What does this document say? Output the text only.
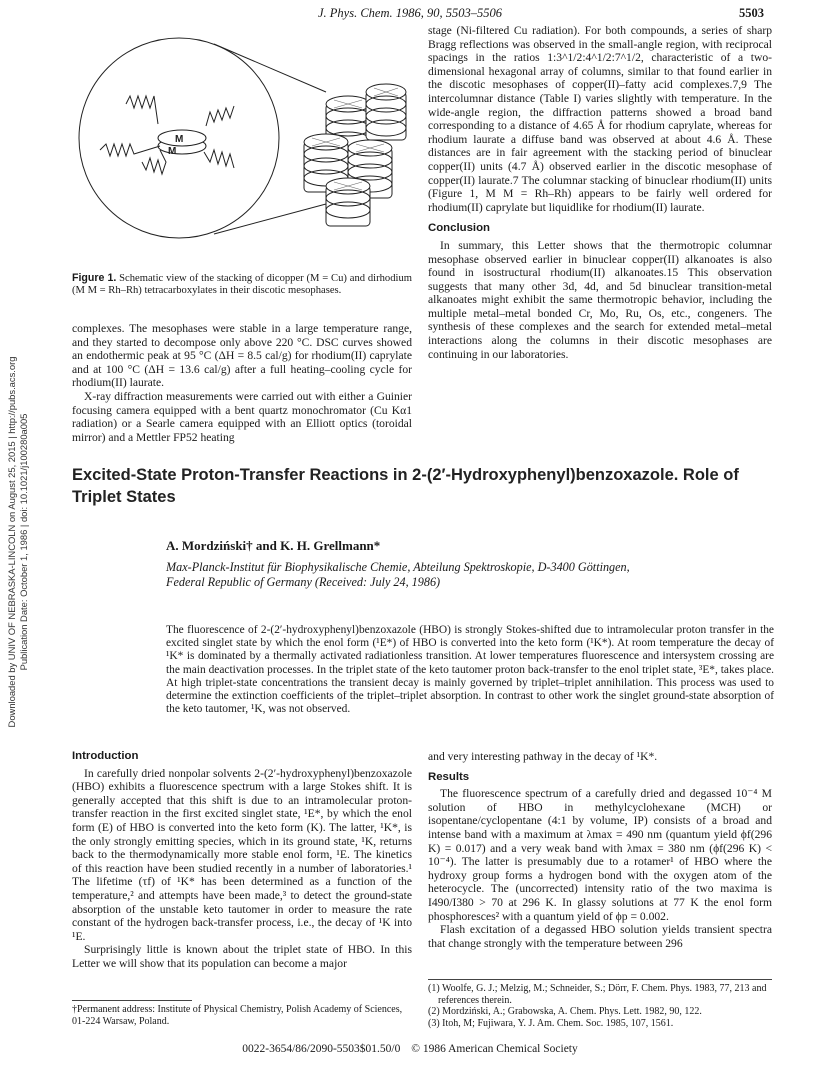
J. Phys. Chem. 1986, 90, 5503–5506	5503
Downloaded by UNIV OF NEBRASKA-LINCOLN on August 25, 2015 | http://pubs.acs.org Publication Date: October 1, 1986 | doi: 10.1021/j100280a005
M
M
Figure 1. Schematic view of the stacking of dicopper (M = Cu) and dirhodium (M M = Rh–Rh) tetracarboxylates in their discotic mesophases.

complexes. The mesophases were stable in a large temperature range, and they started to decompose only above 220 °C. DSC curves showed an endothermic peak at 95 °C (ΔH = 8.5 cal/g) for rhodium(II) caprylate and at 100 °C (ΔH = 13.6 cal/g) after a full heating–cooling cycle for rhodium(II) laurate.

X-ray diffraction measurements were carried out with either a Guinier focusing camera equipped with a bent quartz monochromator (Cu Kα1 radiation) or a Searle camera equipped with an Elliott optics (toroidal mirror) and a Mettler FP52 heating

stage (Ni-filtered Cu radiation). For both compounds, a series of sharp Bragg reflections was observed in the small-angle region, with reciprocal spacings in the ratios 1:3^1/2:4^1/2:7^1/2, characteristic of a two-dimensional hexagonal array of columns, similar to that found earlier in the discotic mesophases of copper(II)–fatty acid complexes.7,9 The intercolumnar distance (Table I) varies slightly with temperature. In the wide-angle region, the diffraction patterns showed a broad band corresponding to a distance of 4.65 Å for rhodium caprylate, whereas for rhodium laurate a diffuse band was observed at about 4.6 Å. These distances are in fair agreement with the stacking period of binuclear copper(II) units (4.7 Å) observed earlier in the discotic mesophase of copper(II) laurate.7 The columnar stacking of binuclear rhodium(II) units (Figure 1, M M = Rh–Rh) appears to be fairly well ordered for rhodium(II) caprylate but liquidlike for rhodium(II) laurate.

Conclusion

In summary, this Letter shows that the thermotropic columnar mesophase observed earlier in binuclear copper(II) alkanoates is also found in isostructural rhodium(II) alkanoates.15 This observation suggests that many other 3d, 4d, and 5d binuclear transition-metal alkanoates might exhibit the same thermotropic behavior, including the multiple metal–metal bonded Cr, Mo, Ru, Os, etc., congeners. The synthesis of these complexes and the search for extended metal–metal interactions along the columns in their discotic mesophases are continuing in our laboratories.

Excited-State Proton-Transfer Reactions in 2-(2′-Hydroxyphenyl)benzoxazole. Role of
Triplet States
A. Mordziński† and K. H. Grellmann*
Max-Planck-Institut für Biophysikalische Chemie, Abteilung Spektroskopie, D-3400 Göttingen,
Federal Republic of Germany (Received: July 24, 1986)
The fluorescence of 2-(2′-hydroxyphenyl)benzoxazole (HBO) is strongly Stokes-shifted due to intramolecular proton transfer in the excited singlet state by which the enol form (¹E*) of HBO is converted into the keto form (¹K*). At room temperature the decay of ¹K* is dominated by a thermally activated radiationless transition. At lower temperatures fluorescence and intersystem crossing are the main deactivation processes. In the triplet state of the keto tautomer proton back-transfer to the enol triplet state, ³E*, takes place. At high triplet-state concentrations the transient decay is mainly governed by triplet–triplet annihilation. This process was used to determine the extinction coefficients of the triplet–triplet absorption. In contrast to other work the singlet ground-state absorption of the keto tautomer, ¹K, was not observed.

Introduction

In carefully dried nonpolar solvents 2-(2′-hydroxyphenyl)benzoxazole (HBO) exhibits a fluorescence spectrum with a large Stokes shift. It is generally accepted that this shift is due to an intramolecular proton-transfer reaction in the first excited singlet state, ¹E*, by which the enol form (E) of HBO is converted into the keto form (K). The latter, ¹K*, is the only strongly emitting species, which in its ground state, ¹K, returns back to the thermodynamically more stable enol form, ¹E. The kinetics of this reaction have been studied recently in a number of laboratories.¹ The lifetime (τf) of ¹K* has been determined as a function of the temperature,² and attempts have been made,³ to detect the ground-state absorption of the unstable keto tautomer in order to measure the rate constant of the hydrogen back-transfer process, i.e., the decay of ¹K into ¹E.

Surprisingly little is known about the triplet state of HBO. In this Letter we will show that its population can become a major

†Permanent address: Institute of Physical Chemistry, Polish Academy of Sciences, 01-224 Warsaw, Poland.

and very interesting pathway in the decay of ¹K*.

Results

The fluorescence spectrum of a carefully dried and degassed 10⁻⁴ M solution of HBO in methylcyclohexane (MCH) or isopentane/cyclopentane (4:1 by volume, IP) consists of a broad and intense band with a maximum at λmax = 490 nm (quantum yield ϕf(296 K) = 0.017) and a very weak band with λmax = 380 nm (ϕf(296 K) < 10⁻⁴). The latter is presumably due to a rotamer¹ of HBO where the hydroxy group forms a hydrogen bond with the oxygen atom of the heterocycle. The (uncorrected) intensity ratio of the two maxima is I490/I380 > 70 at 296 K. In glassy solutions at 77 K the enol form phosphoresces² with a quantum yield of ϕp = 0.002.

Flash excitation of a degassed HBO solution yields transient spectra that change strongly with the temperature between 296

(1) Woolfe, G. J.; Melzig, M.; Schneider, S.; Dörr, F. Chem. Phys. 1983, 77, 213 and references therein.
(2) Mordziński, A.; Grabowska, A. Chem. Phys. Lett. 1982, 90, 122.
(3) Itoh, M; Fujiwara, Y. J. Am. Chem. Soc. 1985, 107, 1561.
0022-3654/86/2090-5503$01.50/0 © 1986 American Chemical Society
